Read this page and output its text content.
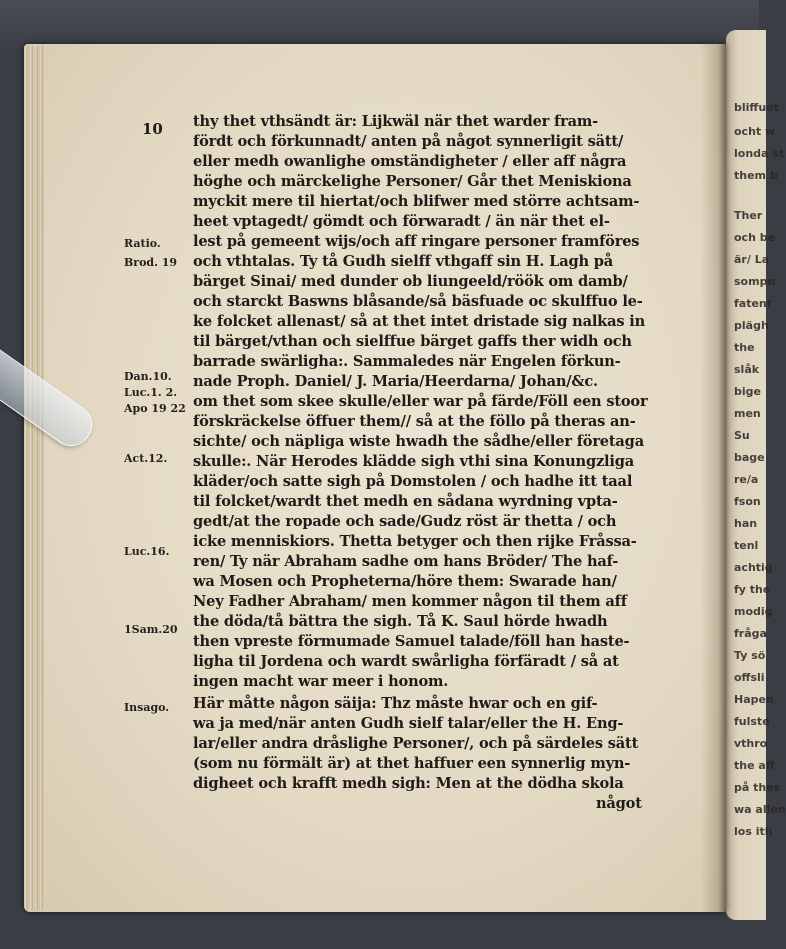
bliffuet
ocht w
londa st
them b
Ther
och be
är/ La
sompn
fatent
plägh
the
slåk
bige
men
Su
bage
re/a
fson
han
tenl
achtig
fy the
modig
fråga
Ty sö
offsli
Hapen
fulste
vthro
the aff
på thes
wa allen
los ith
10 thy thet vthsändt är: Lijkwäl när thet warder fram-
fördt och förkunnadt/ anten på något synnerligit sätt/
eller medh owanlighe omständigheter / eller aff några
höghe och märckelighe Personer/ Går thet Meniskiona
myckit mere til hiertat/och blifwer med större achtsam-
heet vptagedt/ gömdt och förwaradt / än när thet el-
lest på gemeent wijs/och aff ringare personer framföres
och vthtalas. Ty tå Gudh sielff vthgaff sin H. Lagh på
bärget Sinai/ med dunder ob liungeeld/röök om damb/
och starckt Baswns blåsande/så bäsfuade oc skulffuo le-
ke folcket allenast/ så at thet intet dristade sig nalkas in
til bärget/vthan och sielffue bärget gaffs ther widh och
barrade swärligha:. Sammaledes när Engelen förkun-
nade Proph. Daniel/ J. Maria/Heerdarna/ Johan/&c.
om thet som skee skulle/eller war på färde/Föll een stoor
förskräckelse öffuer them// så at the föllo på theras an-
sichte/ och näpliga wiste hwadh the sådhe/eller företaga
skulle:. När Herodes klädde sigh vthi sina Konungzliga
kläder/och satte sigh på Domstolen / och hadhe itt taal
til folcket/wardt thet medh en sådana wyrdning vpta-
gedt/at the ropade och sade/Gudz röst är thetta / och
icke menniskiors. Thetta betyger och then rijke Fråssa-
ren/ Ty när Abraham sadhe om hans Bröder/ The haf-
wa Mosen och Propheterna/höre them: Swarade han/
Ney Fadher Abraham/ men kommer någon til them aff
the döda/tå bättra the sigh. Tå K. Saul hörde hwadh
then vpreste förmumade Samuel talade/föll han haste-
ligha til Jordena och wardt swårligha förfäradt / så at
ingen macht war meer i honom.
Här måtte någon säija: Thz måste hwar och en gif-
wa ja med/när anten Gudh sielf talar/eller the H. Eng-
lar/eller andra dråslighe Personer/, och på särdeles sätt
(som nu förmält är) at thet haffuer een synnerlig myn-
digheet och krafft medh sigh: Men at the dödha skola
något
Ratio.
Brod. 19
Dan.10.
Luc.1. 2.
Apo 19 22
Act.12.
Luc.16.
1Sam.20
Insago.
